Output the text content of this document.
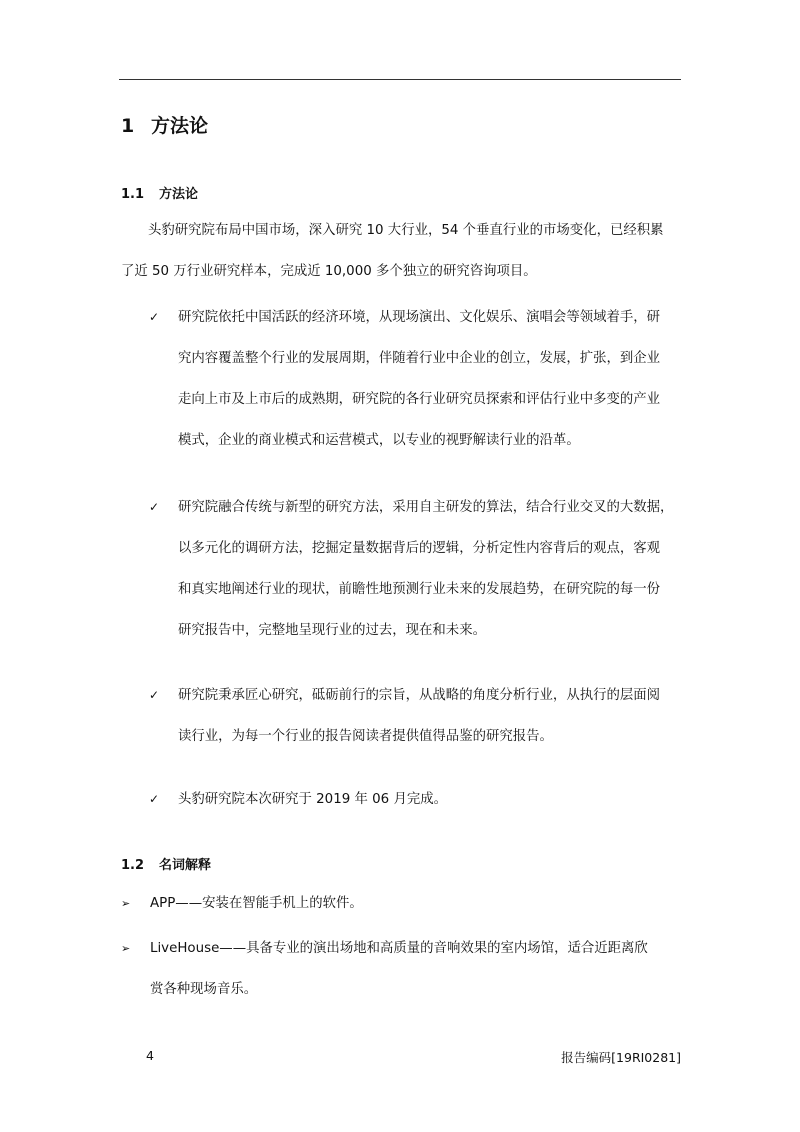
1 方法论
1.1 方法论

头豹研究院布局中国市场，深入研究 10 大行业，54 个垂直行业的市场变化，已经积累

了近 50 万行业研究样本，完成近 10,000 多个独立的研究咨询项目。

✓ 研究院依托中国活跃的经济环境，从现场演出、文化娱乐、演唱会等领域着手，研
究内容覆盖整个行业的发展周期，伴随着行业中企业的创立，发展，扩张，到企业
走向上市及上市后的成熟期，研究院的各行业研究员探索和评估行业中多变的产业
模式，企业的商业模式和运营模式，以专业的视野解读行业的沿革。
✓ 研究院融合传统与新型的研究方法，采用自主研发的算法，结合行业交叉的大数据，
以多元化的调研方法，挖掘定量数据背后的逻辑，分析定性内容背后的观点，客观
和真实地阐述行业的现状，前瞻性地预测行业未来的发展趋势，在研究院的每一份
研究报告中，完整地呈现行业的过去，现在和未来。
✓ 研究院秉承匠心研究，砥砺前行的宗旨，从战略的角度分析行业，从执行的层面阅
读行业，为每一个行业的报告阅读者提供值得品鉴的研究报告。
✓ 头豹研究院本次研究于 2019 年 06 月完成。
1.2 名词解释
➢ APP——安装在智能手机上的软件。
➢ LiveHouse——具备专业的演出场地和高质量的音响效果的室内场馆，适合近距离欣
赏各种现场音乐。
4	报告编码[19RI0281]
